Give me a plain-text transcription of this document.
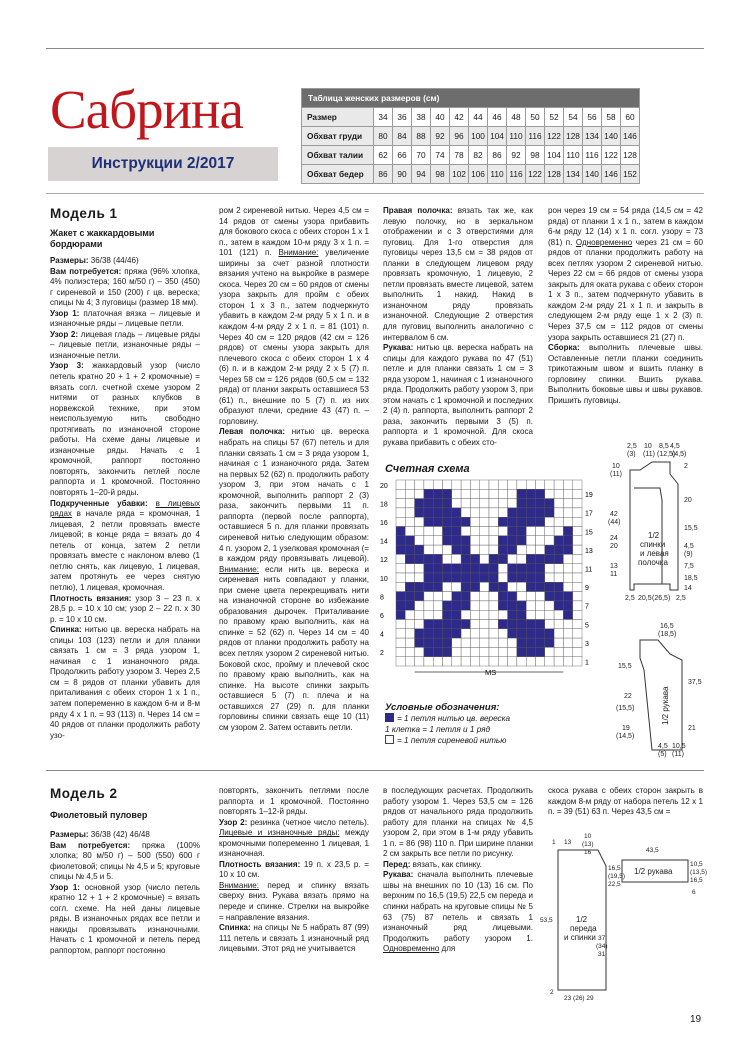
Сабрина
Инструкции 2/2017
Таблица женских размеров (см)														
Размер	34	36	38	40	42	44	46	48	50	52	54	56	58	60
Обхват груди	80	84	88	92	96	100	104	110	116	122	128	134	140	146
Обхват талии	62	66	70	74	78	82	86	92	98	104	110	116	122	128
Обхват бедер	86	90	94	98	102	106	110	116	122	128	134	140	146	152
Модель 1
Жакет с жаккардовыми бордюрами

Размеры: 36/38 (44/46)

Вам потребуется: пряжа (96% хлопка, 4% полиэстера; 160 м/50 г) – 350 (450) г сиреневой и 150 (200) г цв. вереска; спицы № 4; 3 пуговицы (размер 18 мм).

Узор 1: платочная вязка – лицевые и изнаночные ряды – лицевые петли.

Узор 2: лицевая гладь – лицевые ряды – лицевые петли, изнаночные ряды – изнаночные петли.

Узор 3: жаккардовый узор (число петель кратно 20 + 1 + 2 кромочные) = вязать согл. счетной схеме узором 2 нитями от разных клубков в норвежской технике, при этом неиспользуемую нить свободно протягивать по изнаночной стороне работы. На схеме даны лицевые и изнаночные ряды. Начать с 1 кромочной, раппорт постоянно повторять, закончить петлей после раппорта и 1 кромочной. Постоянно повторять 1–20-й ряды.

Подкрученные убавки: в лицевых рядах в начале ряда = кромочная, 1 лицевая, 2 петли провязать вместе лицевой; в конце ряда = вязать до 4 петель от конца, затем 2 петли провязать вместе с наклоном влево (1 петлю снять, как лицевую, 1 лицевая, затем протянуть ее через снятую петлю), 1 лицевая, кромочная.

Плотность вязания: узор 3 – 23 п. x 28,5 р. = 10 x 10 см; узор 2 – 22 п. x 30 р. = 10 x 10 см.

Спинка: нитью цв. вереска набрать на спицы 103 (123) петли и для планки связать 1 см = 3 ряда узором 1, начиная с 1 изнаночного ряда. Продолжить работу узором 3. Через 2,5 см = 8 рядов от планки убавить для приталивания с обеих сторон 1 x 1 п., затем попеременно в каждом 6-м и 8-м ряду 4 x 1 п. = 93 (113) п. Через 14 см = 40 рядов от планки продолжить работу узо-

ром 2 сиреневой нитью. Через 4,5 см = 14 рядов от смены узора прибавить для бокового скоса с обеих сторон 1 x 1 п., затем в каждом 10-м ряду 3 x 1 п. = 101 (121) п. Внимание: увеличение ширины за счет разной плотности вязания учтено на выкройке в размере скоса. Через 20 см = 60 рядов от смены узора закрыть для пройм с обеих сторон 1 x 3 п., затем подчеркнуто убавить в каждом 2-м ряду 5 x 1 п. и в каждом 4-м ряду 2 x 1 п. = 81 (101) п. Через 40 см = 120 рядов (42 см = 126 рядов) от смены узора закрыть для плечевого скоса с обеих сторон 1 x 4 (6) п. и в каждом 2-м ряду 2 x 5 (7) п. Через 58 см = 126 рядов (60,5 см = 132 ряда) от планки закрыть оставшиеся 53 (61) п., внешние по 5 (7) п. из них образуют плечи, средние 43 (47) п. – горловину.

Левая полочка: нитью цв. вереска набрать на спицы 57 (67) петель и для планки связать 1 см = 3 ряда узором 1, начиная с 1 изнаночного ряда. Затем на первых 52 (62) п. продолжить работу узором 3, при этом начать с 1 кромочной, выполнить раппорт 2 (3) раза, закончить первыми 11 п. раппорта (первой после раппорта), оставшиеся 5 п. для планки провязать сиреневой нитью следующим образом: 4 п. узором 2, 1 узелковая кромочная (= в каждом ряду провязывать лицевой). Внимание: если нить цв. вереска и сиреневая нить совпадают у планки, при смене цвета перекрещивать нити на изнаночной стороне во избежание образования дырочек. Приталивание по правому краю выполнить, как на спинке = 52 (62) п. Через 14 см = 40 рядов от планки продолжить работу на всех петлях узором 2 сиреневой нитью. Боковой скос, пройму и плечевой скос по правому краю выполнить, как на спинке. На высоте спинки закрыть оставшиеся 5 (7) п. плеча и на оставшихся 27 (29) п. для планки горловины спинки связать еще 10 (11) см узором 2. Затем оставить петли.

Правая полочка: вязать так же, как левую полочку, но в зеркальном отображении и с 3 отверстиями для пуговиц. Для 1-го отверстия для пуговицы через 13,5 см = 38 рядов от планки в следующем лицевом ряду провязать кромочную, 1 лицевую, 2 петли провязать вместе лицевой, затем выполнить 1 накид. Накид в изнаночном ряду провязать изнаночной. Следующие 2 отверстия для пуговиц выполнить аналогично с интервалом 6 см.

Рукава: нитью цв. вереска набрать на спицы для каждого рукава по 47 (51) петле и для планки связать 1 см = 3 ряда узором 1, начиная с 1 изнаночного ряда. Продолжить работу узором 3, при этом начать с 1 кромочной и последних 2 (4) п. раппорта, выполнить раппорт 2 раза, закончить первыми 3 (5) п. раппорта и 1 кромочной. Для скоса рукава прибавить с обеих сто-

рон через 19 см = 54 ряда (14,5 см = 42 ряда) от планки 1 x 1 п., затем в каждом 6-м ряду 12 (14) x 1 п. согл. узору = 73 (81) п. Одновременно через 21 см = 60 рядов от планки продолжить работу на всех петлях узором 2 сиреневой нитью. Через 22 см = 66 рядов от смены узора закрыть для оката рукава с обеих сторон 1 x 3 п., затем подчеркнуто убавить в каждом 2-м ряду 21 x 1 п. и закрыть в следующем 2-м ряду еще 1 x 2 (3) п. Через 37,5 см = 112 рядов от смены узора закрыть оставшиеся 21 (27) п.

Сборка: выполнить плечевые швы. Оставленные петли планки соединить трикотажным швом и вшить планку в горловину спинки. Вшить рукава. Выполнить боковые швы и швы рукавов. Пришить пуговицы.

Счетная схема
20
18
16
14
12
10
8
6
4
2
19
17
15
13
11
9
7
5
3
1
MS
Условные обозначения:
= 1 петля нитью цв. вереска
1 клетка = 1 петля и 1 ряд
= 1 петля сиреневой нитью
2,5 10 8,5 4,5
(3) (11) (12,5)
(4,5)
10
(11)
42
(44)
24
20
13
11
2
20
15,5
4,5
(9)
7,5
18,5
14
1/2
спинки
и левая
полочка
2,5 20,5 (26,5) 2,5
16,5
(18,5)
15,5
22
(15,5)
19
(14,5)
37,5
21
1/2 рукава
4,5
(5)
10,5
(11)
Модель 2
Фиолетовый пуловер

Размеры: 36/38 (42) 46/48

Вам потребуется: пряжа (100% хлопка; 80 м/50 г) – 500 (550) 600 г фиолетовой; спицы № 4,5 и 5; круговые спицы № 4,5 и 5.

Узор 1: основной узор (число петель кратно 12 + 1 + 2 кромочные) = вязать согл. схеме. На ней даны лицевые ряды. В изнаночных рядах все петли и накиды провязывать изнаночными. Начать с 1 кромочной и петель перед раппортом, раппорт постоянно

повторять, закончить петлями после раппорта и 1 кромочной. Постоянно повторять 1–12-й ряды.

Узор 2: резинка (четное число петель). Лицевые и изнаночные ряды: между кромочными попеременно 1 лицевая, 1 изнаночная.

Плотность вязания: 19 п. x 23,5 р. = 10 x 10 см.

Внимание: перед и спинку вязать сверху вниз. Рукава вязать прямо на переде и спинке. Стрелки на выкройке = направление вязания.

Спинка: на спицы № 5 набрать 87 (99) 111 петель и связать 1 изнаночный ряд лицевыми. Этот ряд не учитывается

в последующих расчетах. Продолжить работу узором 1. Через 53,5 см = 126 рядов от начального ряда продолжить работу для планки на спицах № 4,5 узором 2, при этом в 1-м ряду убавить 1 п. = 86 (98) 110 п. При ширине планки 2 см закрыть все петли по рисунку.

Перед: вязать, как спинку.

Рукава: сначала выполнить плечевые швы на внешних по 10 (13) 16 см. По верхним по 16,5 (19,5) 22,5 см переда и спинки набрать на круговые спицы № 5 63 (75) 87 петель и связать 1 изнаночный ряд лицевыми. Продолжить работу узором 1. Одновременно для

скоса рукава с обеих сторон закрыть в каждом 8-м ряду от набора петель 12 x 1 п. = 39 (51) 63 п. Через 43,5 см =

1 13
10
(13)
16
16,5
(19,5)
22,5
53,5
37
(34)
31
1/2
переда
и спинки
23 (26) 29
2
43,5
1/2 рукава
10,5
(13,5)
16,5
6
19
